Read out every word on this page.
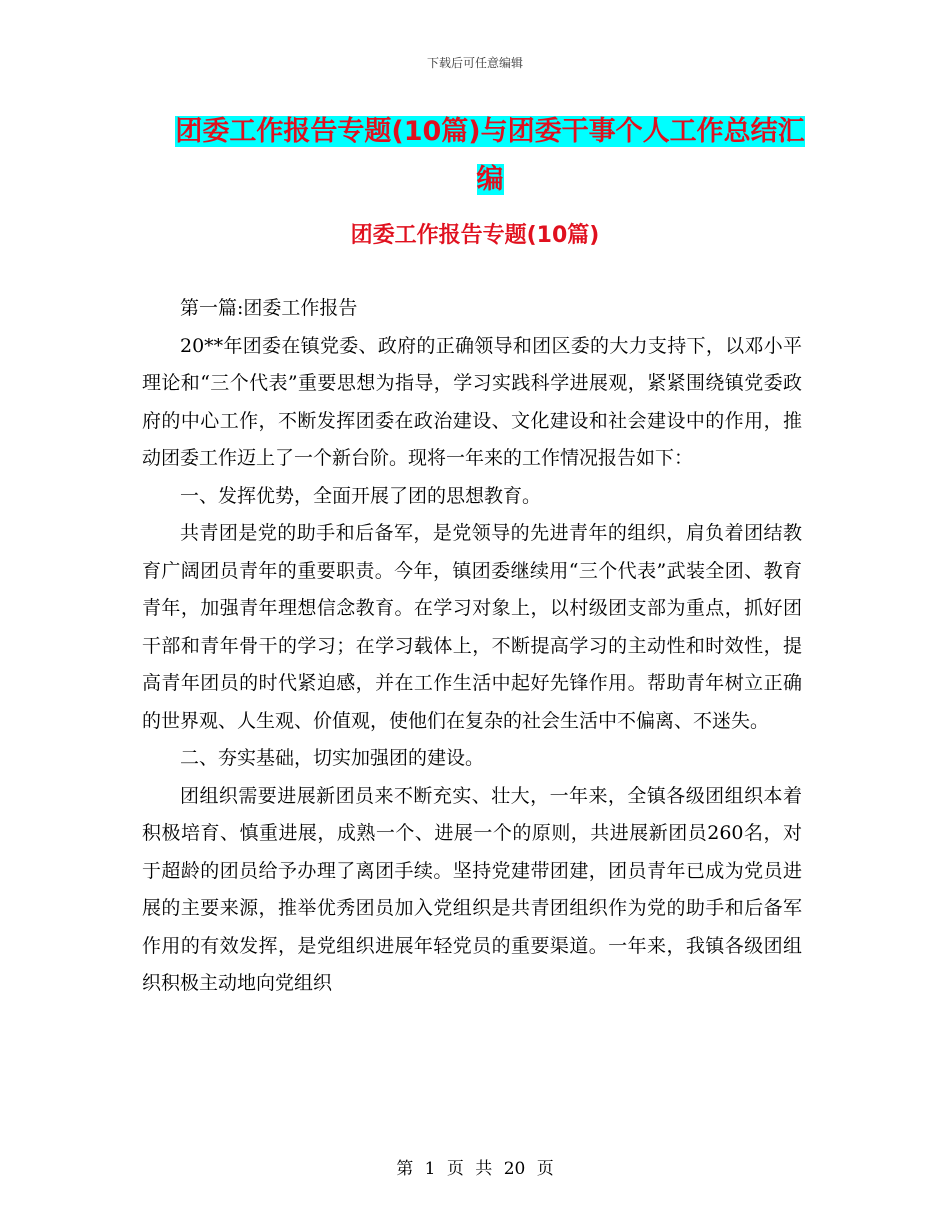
下载后可任意编辑
团委工作报告专题(10篇)与团委干事个人工作总结汇
编
团委工作报告专题(10篇)

第一篇:团委工作报告

20**年团委在镇党委、政府的正确领导和团区委的大力支持下，以邓小平理论和“三个代表”重要思想为指导，学习实践科学进展观，紧紧围绕镇党委政府的中心工作，不断发挥团委在政治建设、文化建设和社会建设中的作用，推动团委工作迈上了一个新台阶。现将一年来的工作情况报告如下：

一、发挥优势，全面开展了团的思想教育。

共青团是党的助手和后备军，是党领导的先进青年的组织，肩负着团结教育广阔团员青年的重要职责。今年，镇团委继续用“三个代表”武装全团、教育青年，加强青年理想信念教育。在学习对象上，以村级团支部为重点，抓好团干部和青年骨干的学习；在学习载体上，不断提高学习的主动性和时效性，提高青年团员的时代紧迫感，并在工作生活中起好先锋作用。帮助青年树立正确的世界观、人生观、价值观，使他们在复杂的社会生活中不偏离、不迷失。

二、夯实基础，切实加强团的建设。

团组织需要进展新团员来不断充实、壮大，一年来，全镇各级团组织本着积极培育、慎重进展，成熟一个、进展一个的原则，共进展新团员260名，对于超龄的团员给予办理了离团手续。坚持党建带团建，团员青年已成为党员进展的主要来源，推举优秀团员加入党组织是共青团组织作为党的助手和后备军作用的有效发挥，是党组织进展年轻党员的重要渠道。一年来，我镇各级团组织积极主动地向党组织

第 1 页 共 20 页
